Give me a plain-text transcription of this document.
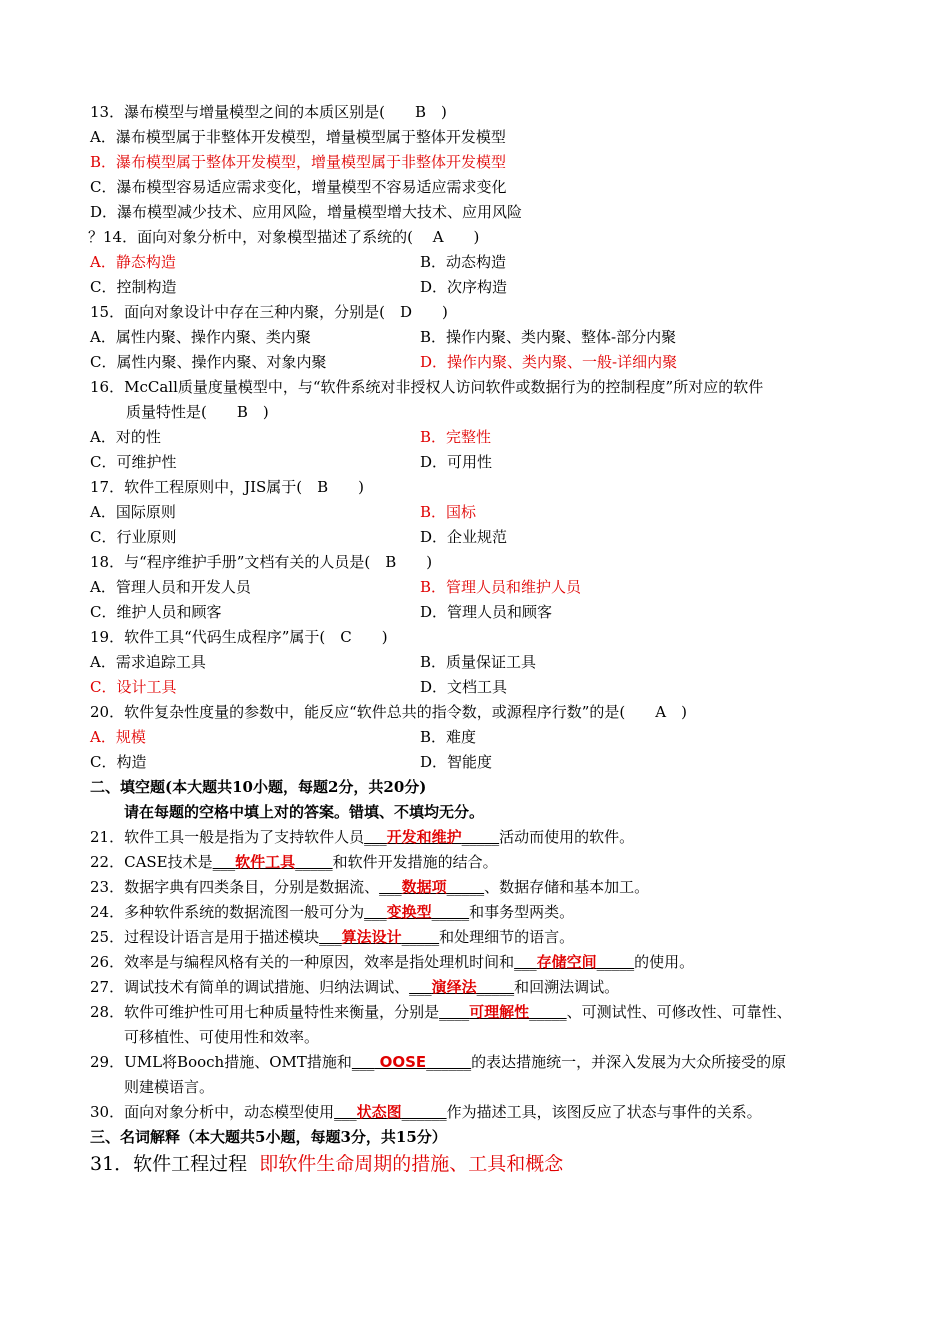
13．瀑布模型与增量模型之间的本质区别是(　　B　)
A．瀑布模型属于非整体开发模型，增量模型属于整体开发模型
B．瀑布模型属于整体开发模型，增量模型属于非整体开发模型
C．瀑布模型容易适应需求变化，增量模型不容易适应需求变化
D．瀑布模型减少技术、应用风险，增量模型增大技术、应用风险
？14．面向对象分析中，对象模型描述了系统的(　 A　　)
A．静态构造	B．动态构造
C．控制构造	D．次序构造
15．面向对象设计中存在三种内聚，分别是(　D　　)
A．属性内聚、操作内聚、类内聚	B．操作内聚、类内聚、整体-部分内聚
C．属性内聚、操作内聚、对象内聚	D．操作内聚、类内聚、一般-详细内聚
16．McCall质量度量模型中，与“软件系统对非授权人访问软件或数据行为的控制程度”所对应的软件
质量特性是(　　B　)
A．对的性	B．完整性
C．可维护性	D．可用性
17．软件工程原则中，JIS属于(　B　　)
A．国际原则	B．国标
C．行业原则	D．企业规范
18．与“程序维护手册”文档有关的人员是(　B　　)
A．管理人员和开发人员	B．管理人员和维护人员
C．维护人员和顾客	D．管理人员和顾客
19．软件工具“代码生成程序”属于(　C　　)
A．需求追踪工具	B．质量保证工具
C．设计工具	D．文档工具
20．软件复杂性度量的参数中，能反应“软件总共的指令数，或源程序行数”的是(　　A　)
A．规模	B．难度
C．构造	D．智能度
二、填空题(本大题共10小题，每题2分，共20分)
请在每题的空格中填上对的答案。错填、不填均无分。
21．软件工具一般是指为了支持软件人员___开发和维护_____活动而使用的软件。
22．CASE技术是___软件工具_____和软件开发措施的结合。
23．数据字典有四类条目，分别是数据流、___数据项_____、数据存储和基本加工。
24．多种软件系统的数据流图一般可分为___变换型_____和事务型两类。
25．过程设计语言是用于描述模块___算法设计_____和处理细节的语言。
26．效率是与编程风格有关的一种原因，效率是指处理机时间和___存储空间_____的使用。
27．调试技术有简单的调试措施、归纳法调试、___演绎法_____和回溯法调试。
28．软件可维护性可用七种质量特性来衡量，分别是____可理解性_____、可测试性、可修改性、可靠性、
可移植性、可使用性和效率。
29．UML将Booch措施、OMT措施和___ OOSE______的表达措施统一，并深入发展为大众所接受的原
则建模语言。
30．面向对象分析中，动态模型使用___状态图______作为描述工具，该图反应了状态与事件的关系。
三、名词解释（本大题共5小题，每题3分，共15分）
31．软件工程过程 即软件生命周期的措施、工具和概念
